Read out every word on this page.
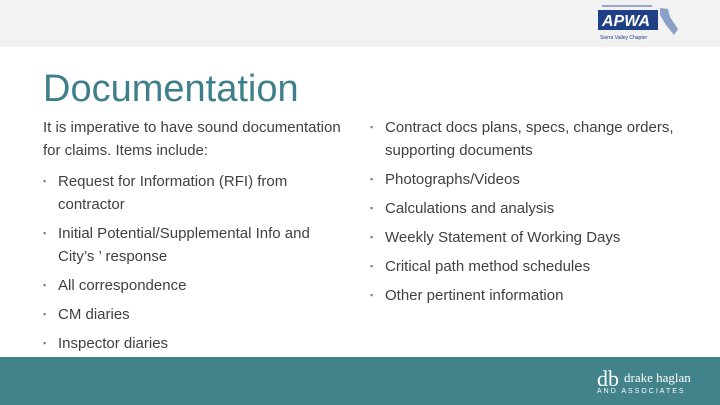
APWA
Sierra Valley Chapter
Documentation

It is imperative to have sound documentation for claims. Items include:

▪ Request for Information (RFI) from contractor
▪ Initial Potential/Supplemental Info and City’s ’ response
▪ All correspondence
▪ CM diaries
▪ Inspector diaries
▪ Contract docs plans, specs, change orders, supporting documents
▪ Photographs/Videos
▪ Calculations and analysis
▪ Weekly Statement of Working Days
▪ Critical path method schedules
▪ Other pertinent information
db drake haglan
AND ASSOCIATES
